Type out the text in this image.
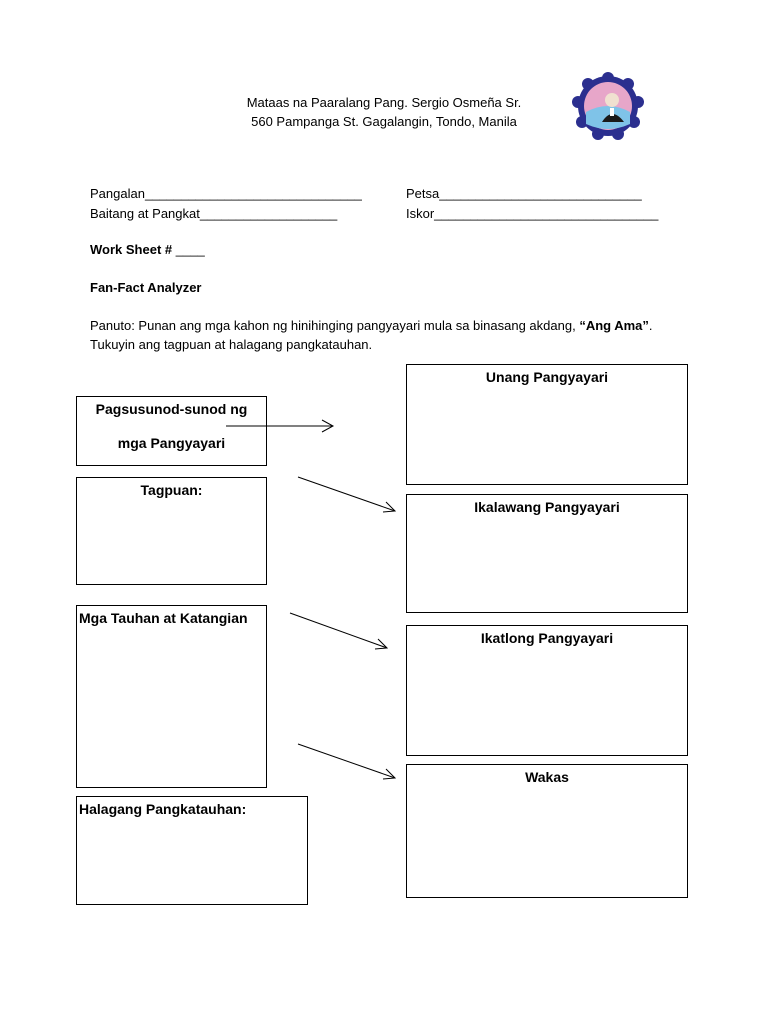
Mataas na Paaralang Pang. Sergio Osmeña Sr.
560 Pampanga St. Gagalangin, Tondo, Manila
Pangalan______________________________	Petsa____________________________
Baitang at Pangkat___________________	Iskor_______________________________
Work Sheet # ____
Fan-Fact Analyzer
Panuto: Punan ang mga kahon ng hinihinging pangyayari mula sa binasang akdang, “Ang Ama”.
Tukuyin ang tagpuan at halagang pangkatauhan.
Pagsusunod-sunod ng
mga Pangyayari
Tagpuan:
Mga Tauhan at Katangian
Halagang Pangkatauhan:
Unang Pangyayari
Ikalawang Pangyayari
Ikatlong Pangyayari
Wakas
